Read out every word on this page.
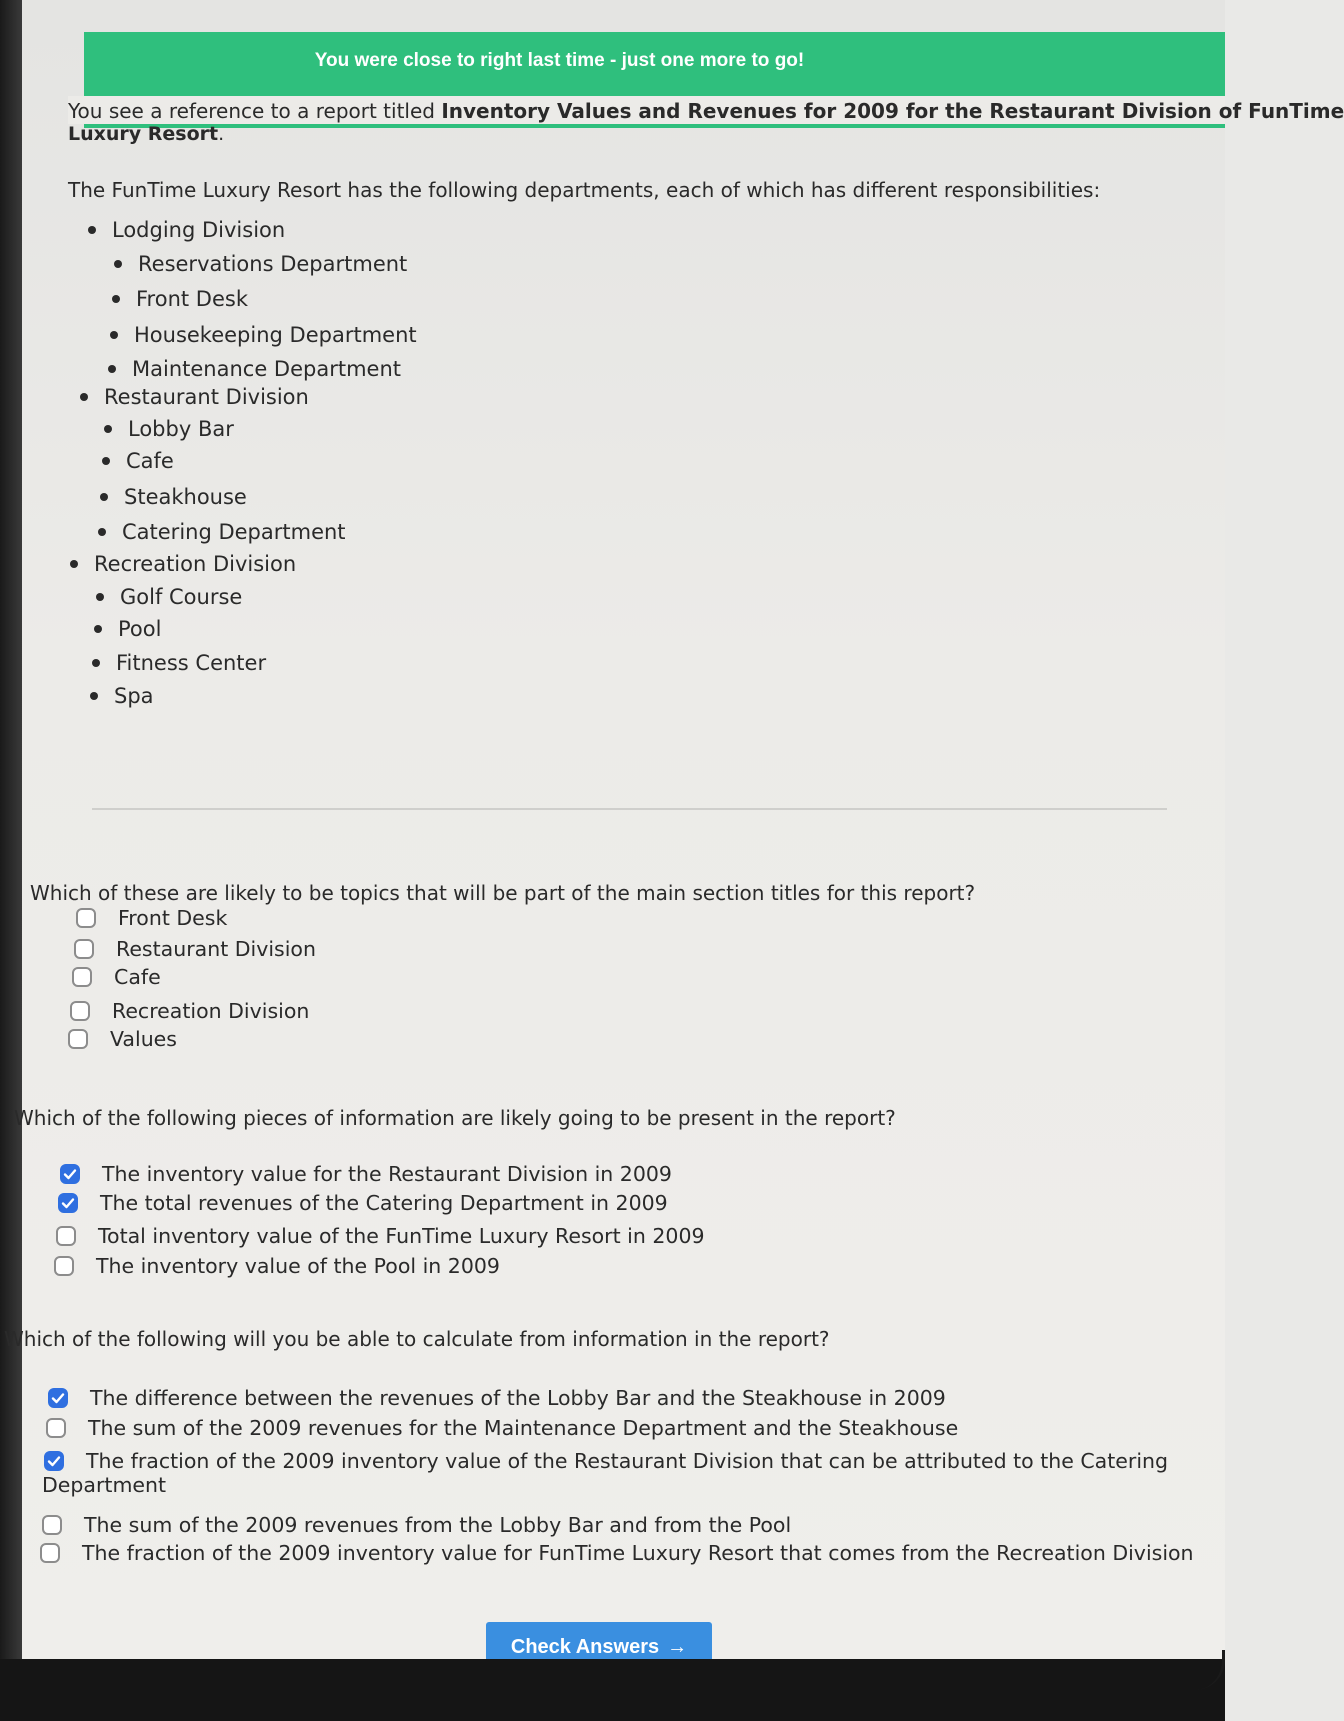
You were close to right last time - just one more to go!
You see a reference to a report titled Inventory Values and Revenues for 2009 for the Restaurant Division of FunTime
Luxury Resort.
The FunTime Luxury Resort has the following departments, each of which has different responsibilities:
Lodging Division
Reservations Department
Front Desk
Housekeeping Department
Maintenance Department
Restaurant Division
Lobby Bar
Cafe
Steakhouse
Catering Department
Recreation Division
Golf Course
Pool
Fitness Center
Spa
Which of these are likely to be topics that will be part of the main section titles for this report?
Front Desk
Restaurant Division
Cafe
Recreation Division
Values
Which of the following pieces of information are likely going to be present in the report?
The inventory value for the Restaurant Division in 2009
The total revenues of the Catering Department in 2009
Total inventory value of the FunTime Luxury Resort in 2009
The inventory value of the Pool in 2009
Which of the following will you be able to calculate from information in the report?
The difference between the revenues of the Lobby Bar and the Steakhouse in 2009
The sum of the 2009 revenues for the Maintenance Department and the Steakhouse
The fraction of the 2009 inventory value of the Restaurant Division that can be attributed to the Catering
Department
The sum of the 2009 revenues from the Lobby Bar and from the Pool
The fraction of the 2009 inventory value for FunTime Luxury Resort that comes from the Recreation Division
Check Answers →
